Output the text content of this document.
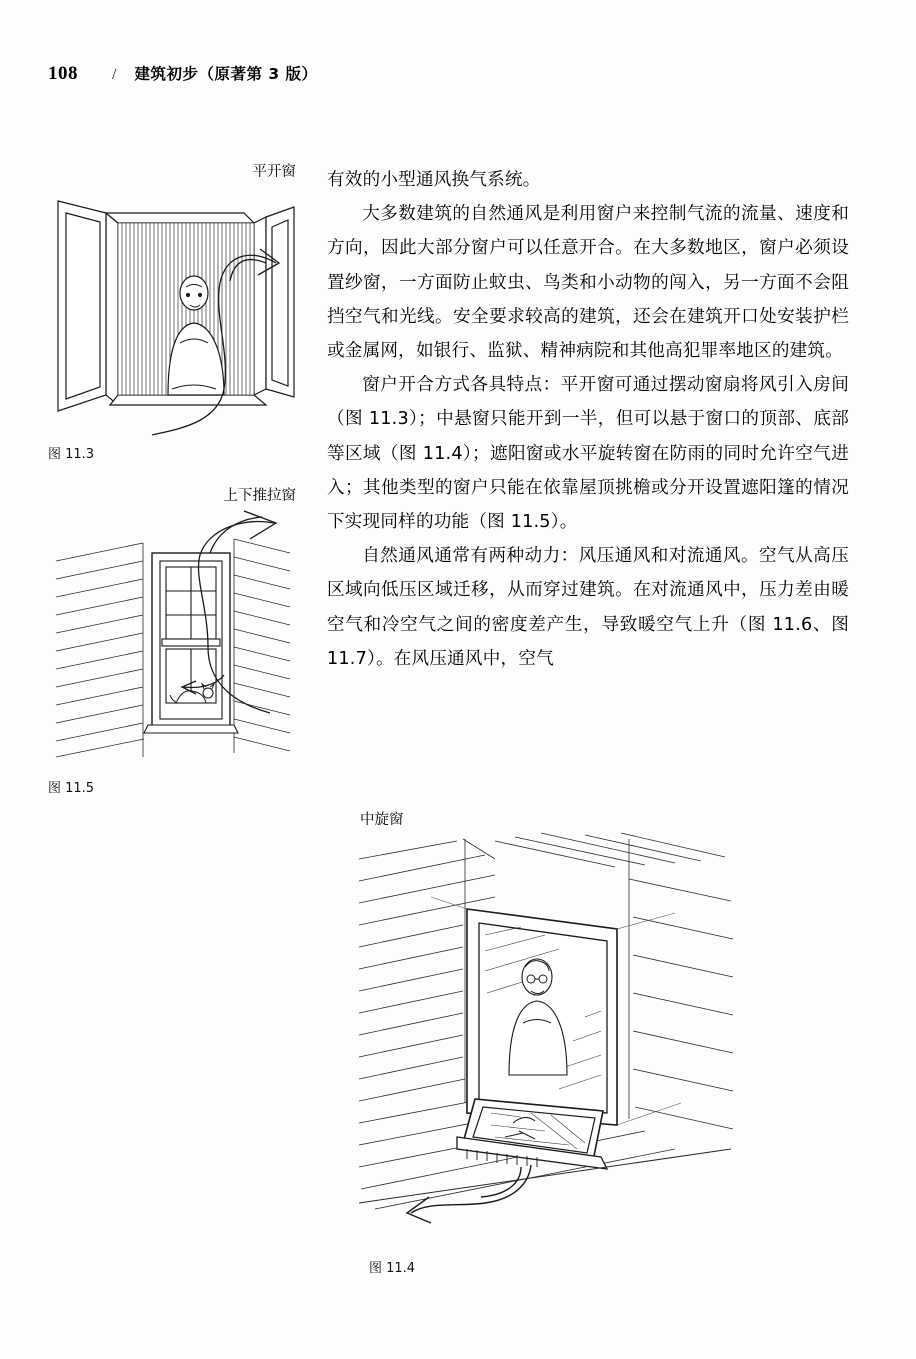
108 / 建筑初步（原著第 3 版）
平开窗
图 11.3
上下推拉窗
图 11.5

有效的小型通风换气系统。

大多数建筑的自然通风是利用窗户来控制气流的流量、速度和方向，因此大部分窗户可以任意开合。在大多数地区，窗户必须设置纱窗，一方面防止蚊虫、鸟类和小动物的闯入，另一方面不会阻挡空气和光线。安全要求较高的建筑，还会在建筑开口处安装护栏或金属网，如银行、监狱、精神病院和其他高犯罪率地区的建筑。

窗户开合方式各具特点：平开窗可通过摆动窗扇将风引入房间（图 11.3）；中悬窗只能开到一半，但可以悬于窗口的顶部、底部等区域（图 11.4）；遮阳窗或水平旋转窗在防雨的同时允许空气进入；其他类型的窗户只能在依靠屋顶挑檐或分开设置遮阳篷的情况下实现同样的功能（图 11.5）。

自然通风通常有两种动力：风压通风和对流通风。空气从高压区域向低压区域迁移，从而穿过建筑。在对流通风中，压力差由暖空气和冷空气之间的密度差产生，导致暖空气上升（图 11.6、图 11.7）。在风压通风中，空气

中旋窗
图 11.4
